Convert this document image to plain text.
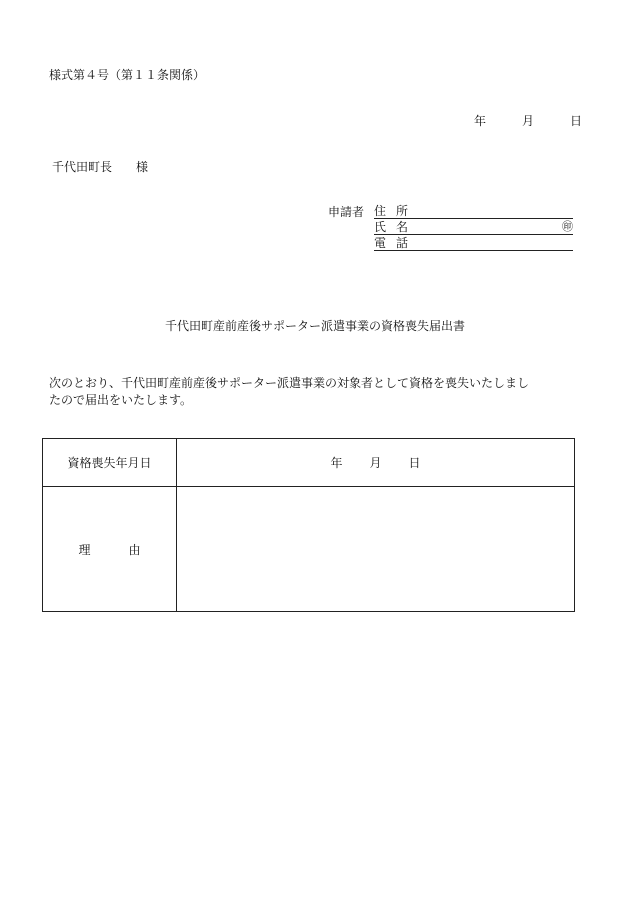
様式第４号（第１１条関係）
年	月	日
千代田町長　　様
申請者 住所
氏名	㊞
電話
千代田町産前産後サポーター派遣事業の資格喪失届出書
次のとおり、千代田町産前産後サポーター派遣事業の対象者として資格を喪失いたしまし
たので届出をいたします。
資格喪失年月日	年 月 日

理 由	
